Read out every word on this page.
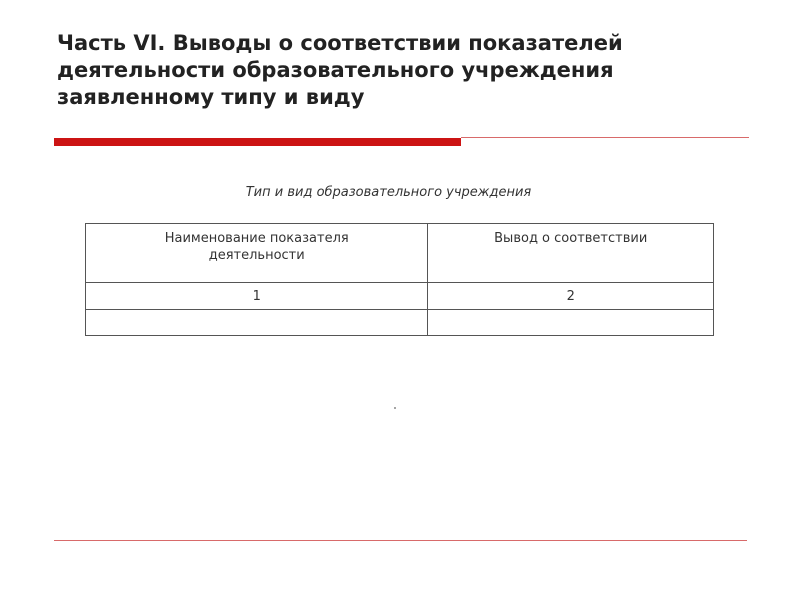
Часть VI. Выводы о соответствии показателей
деятельности образовательного учреждения
заявленному типу и виду
Тип и вид образовательного учреждения
Наименование показателя
деятельности	Вывод о соответствии
1	2
